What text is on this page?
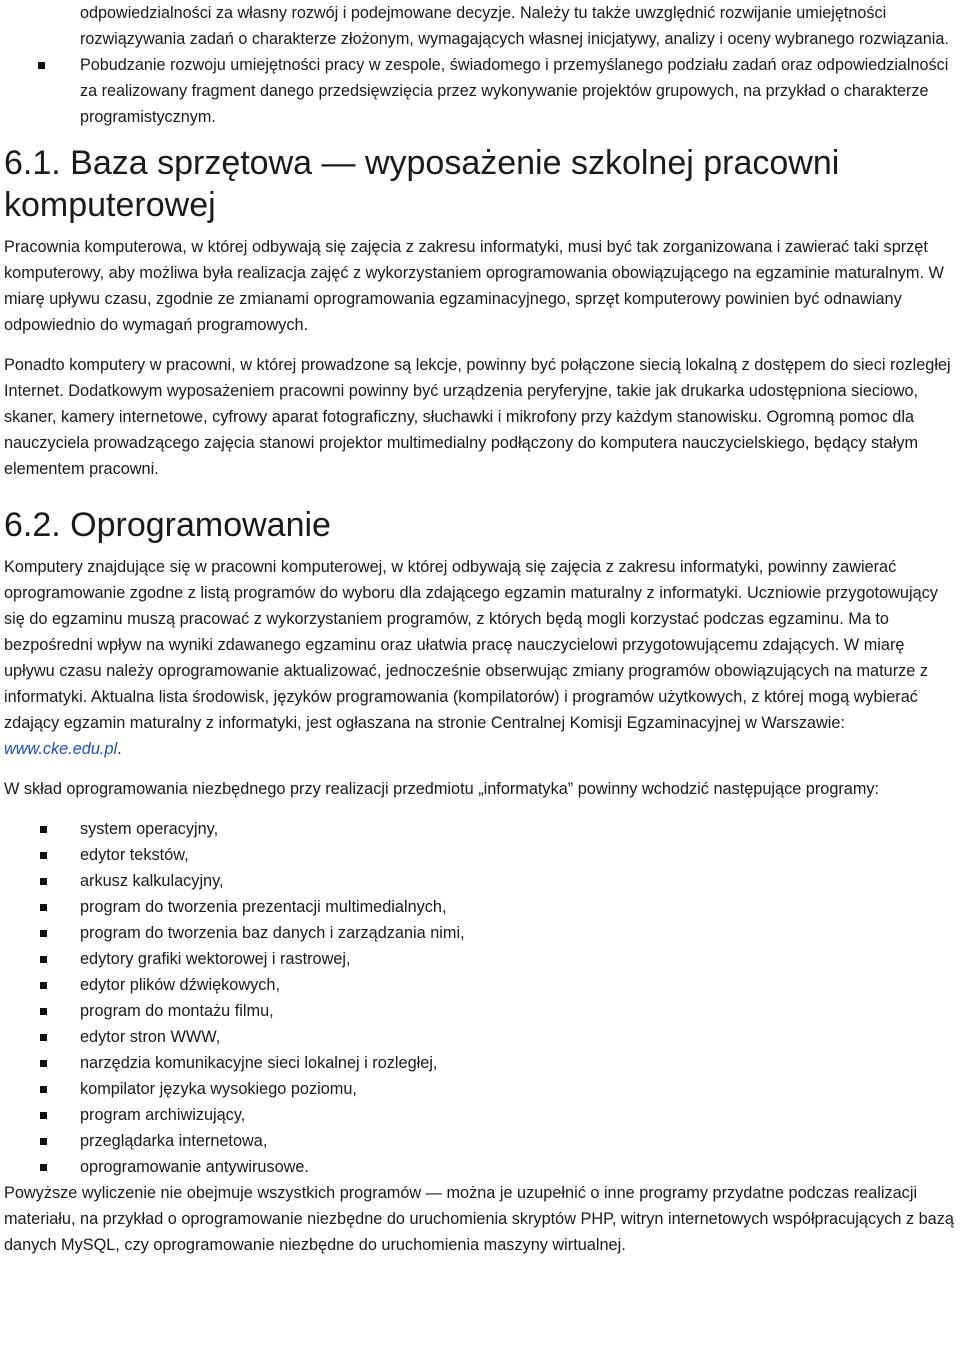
odpowiedzialności za własny rozwój i podejmowane decyzje. Należy tu także uwzględnić rozwijanie umiejętności rozwiązywania zadań o charakterze złożonym, wymagających własnej inicjatywy, analizy i oceny wybranego rozwiązania.

Pobudzanie rozwoju umiejętności pracy w zespole, świadomego i przemyślanego podziału zadań oraz odpowiedzialności za realizowany fragment danego przedsięwzięcia przez wykonywanie projektów grupowych, na przykład o charakterze programistycznym.
6.1. Baza sprzętowa — wyposażenie szkolnej pracowni komputerowej

Pracownia komputerowa, w której odbywają się zajęcia z zakresu informatyki, musi być tak zorganizowana i zawierać taki sprzęt komputerowy, aby możliwa była realizacja zajęć z wykorzystaniem oprogramowania obowiązującego na egzaminie maturalnym. W miarę upływu czasu, zgodnie ze zmianami oprogramowania egzaminacyjnego, sprzęt komputerowy powinien być odnawiany odpowiednio do wymagań programowych.

Ponadto komputery w pracowni, w której prowadzone są lekcje, powinny być połączone siecią lokalną z dostępem do sieci rozległej Internet. Dodatkowym wyposażeniem pracowni powinny być urządzenia peryferyjne, takie jak drukarka udostępniona sieciowo, skaner, kamery internetowe, cyfrowy aparat fotograficzny, słuchawki i mikrofony przy każdym stanowisku. Ogromną pomoc dla nauczyciela prowadzącego zajęcia stanowi projektor multimedialny podłączony do komputera nauczycielskiego, będący stałym elementem pracowni.

6.2. Oprogramowanie

Komputery znajdujące się w pracowni komputerowej, w której odbywają się zajęcia z zakresu informatyki, powinny zawierać oprogramowanie zgodne z listą programów do wyboru dla zdającego egzamin maturalny z informatyki. Uczniowie przygotowujący się do egzaminu muszą pracować z wykorzystaniem programów, z których będą mogli korzystać podczas egzaminu. Ma to bezpośredni wpływ na wyniki zdawanego egzaminu oraz ułatwia pracę nauczycielowi przygotowującemu zdających. W miarę upływu czasu należy oprogramowanie aktualizować, jednocześnie obserwując zmiany programów obowiązujących na maturze z informatyki. Aktualna lista środowisk, języków programowania (kompilatorów) i programów użytkowych, z której mogą wybierać zdający egzamin maturalny z informatyki, jest ogłaszana na stronie Centralnej Komisji Egzaminacyjnej w Warszawie: www.cke.edu.pl.

W skład oprogramowania niezbędnego przy realizacji przedmiotu „informatyka” powinny wchodzić następujące programy:

system operacyjny,
edytor tekstów,
arkusz kalkulacyjny,
program do tworzenia prezentacji multimedialnych,
program do tworzenia baz danych i zarządzania nimi,
edytory grafiki wektorowej i rastrowej,
edytor plików dźwiękowych,
program do montażu filmu,
edytor stron WWW,
narzędzia komunikacyjne sieci lokalnej i rozległej,
kompilator języka wysokiego poziomu,
program archiwizujący,
przeglądarka internetowa,
oprogramowanie antywirusowe.

Powyższe wyliczenie nie obejmuje wszystkich programów — można je uzupełnić o inne programy przydatne podczas realizacji materiału, na przykład o oprogramowanie niezbędne do uruchomienia skryptów PHP, witryn internetowych współpracujących z bazą danych MySQL, czy oprogramowanie niezbędne do uruchomienia maszyny wirtualnej.
